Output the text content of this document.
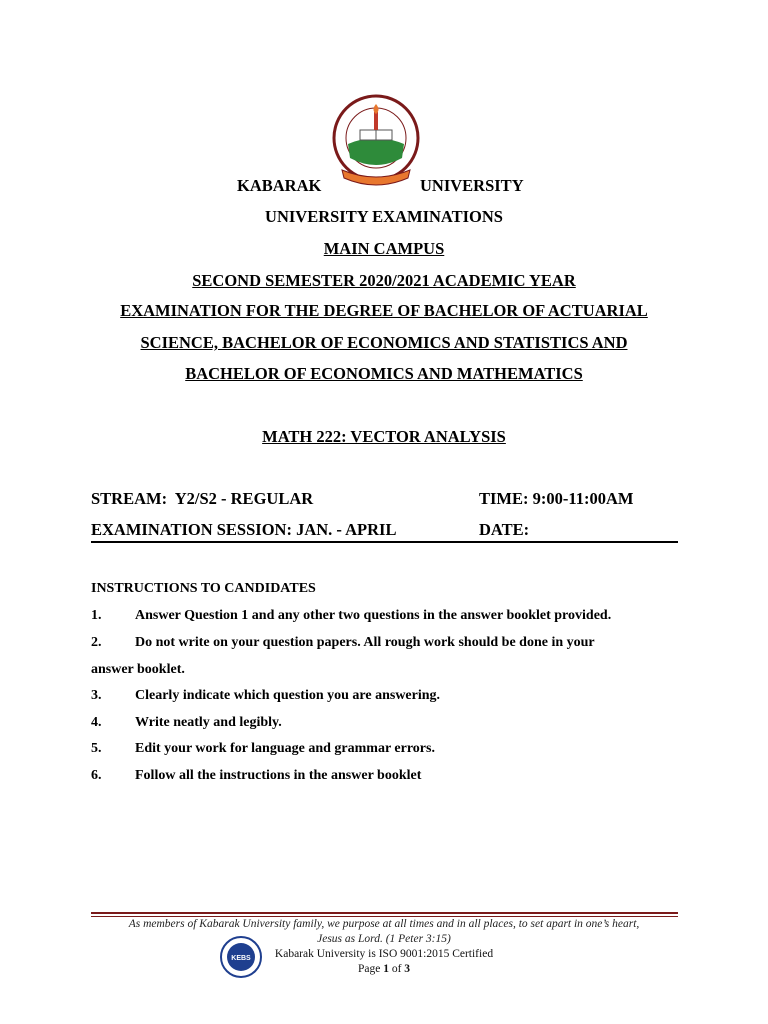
KABARAK	UNIVERSITY
UNIVERSITY EXAMINATIONS
MAIN CAMPUS
SECOND SEMESTER 2020/2021 ACADEMIC YEAR
EXAMINATION FOR THE DEGREE OF BACHELOR OF ACTUARIAL
SCIENCE, BACHELOR OF ECONOMICS AND STATISTICS AND
BACHELOR OF ECONOMICS AND MATHEMATICS
MATH 222: VECTOR ANALYSIS
STREAM:  Y2/S2 - REGULAR	TIME: 9:00-11:00AM
EXAMINATION SESSION: JAN. - APRIL	DATE:
INSTRUCTIONS TO CANDIDATES
1. Answer Question 1 and any other two questions in the answer booklet provided.
2. Do not write on your question papers. All rough work should be done in your
answer booklet.
3. Clearly indicate which question you are answering.
4. Write neatly and legibly.
5. Edit your work for language and grammar errors.
6. Follow all the instructions in the answer booklet
As members of Kabarak University family, we purpose at all times and in all places, to set apart in one’s heart,
Jesus as Lord. (1 Peter 3:15)
KEBS	Kabarak University is ISO 9001:2015 Certified
Page 1 of 3
